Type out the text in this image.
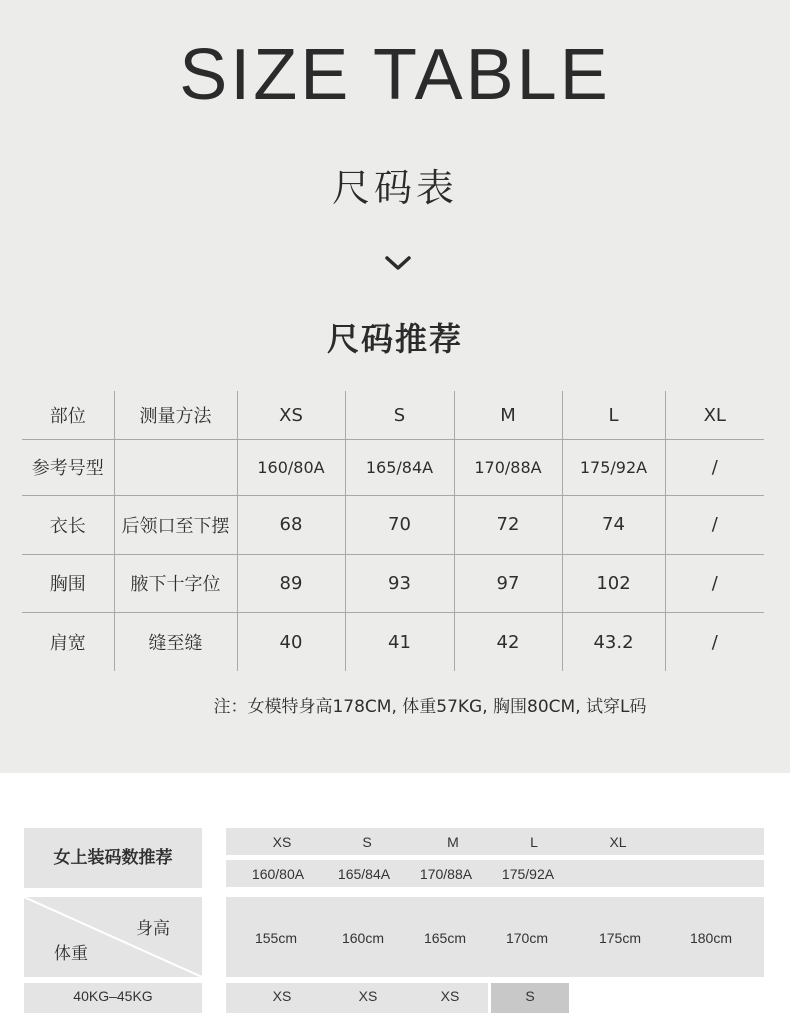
SIZE TABLE
尺码表
尺码推荐
部位	测量方法	XS	S	M	L	XL
参考号型		160/80A	165/84A	170/88A	175/92A	/
衣长	后领口至下摆	68	70	72	74	/
胸围	腋下十字位	89	93	97	102	/
肩宽	缝至缝	40	41	42	43.2	/
注：女模特身高178CM, 体重57KG, 胸围80CM, 试穿L码
女上装码数推荐
XS	S	M	L	XL
160/80A	165/84A	170/88A	175/92A
身高
体重
155cm	160cm	165cm	170cm	175cm	180cm
40KG–45KG	XS	XS	XS	S
